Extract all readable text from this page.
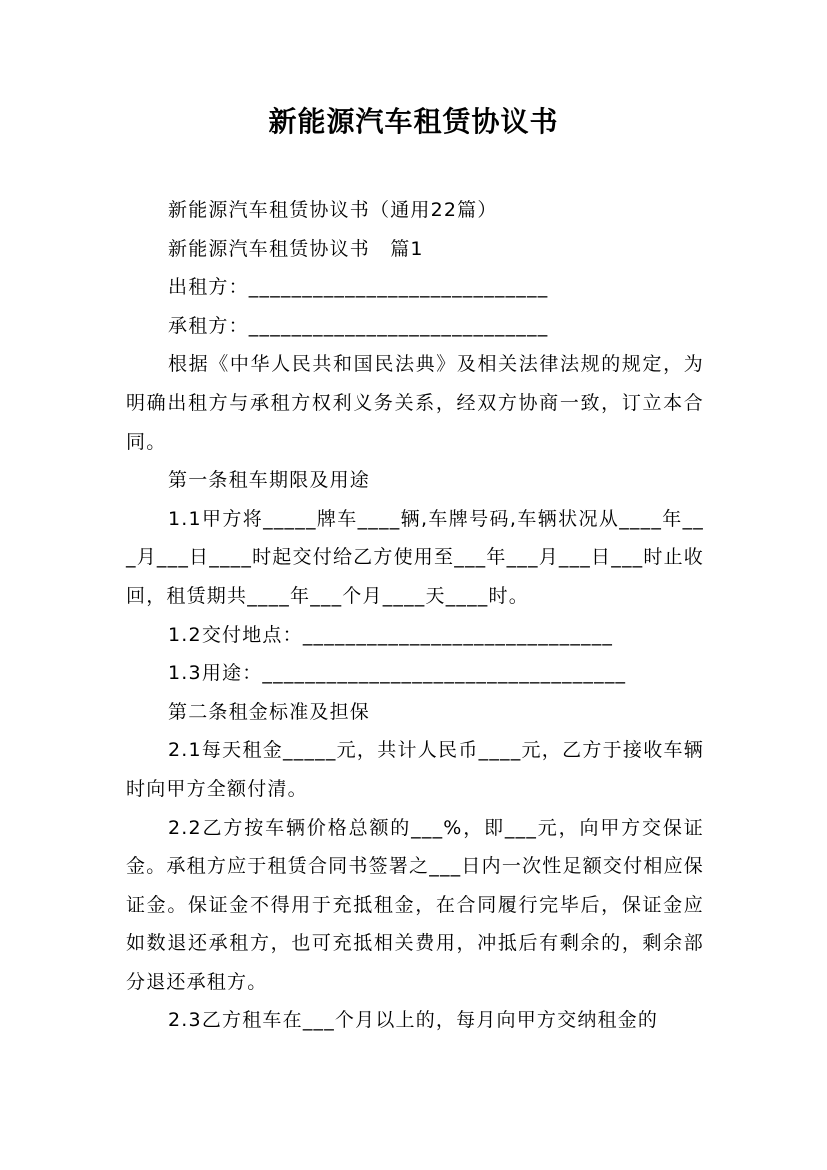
新能源汽车租赁协议书

新能源汽车租赁协议书（通用22篇）

新能源汽车租赁协议书　篇1

出租方：____________________________

承租方：____________________________

根据《中华人民共和国民法典》及相关法律法规的规定，为明确出租方与承租方权利义务关系，经双方协商一致，订立本合同。

第一条租车期限及用途

1.1甲方将_____牌车____辆,车牌号码,车辆状况从____年___月___日____时起交付给乙方使用至___年___月___日___时止收回，租赁期共____年___个月____天____时。

1.2交付地点：_____________________________

1.3用途：__________________________________

第二条租金标准及担保

2.1每天租金_____元，共计人民币____元，乙方于接收车辆时向甲方全额付清。

2.2乙方按车辆价格总额的___%，即___元，向甲方交保证金。承租方应于租赁合同书签署之___日内一次性足额交付相应保证金。保证金不得用于充抵租金，在合同履行完毕后，保证金应如数退还承租方，也可充抵相关费用，冲抵后有剩余的，剩余部分退还承租方。

2.3乙方租车在___个月以上的，每月向甲方交纳租金的
